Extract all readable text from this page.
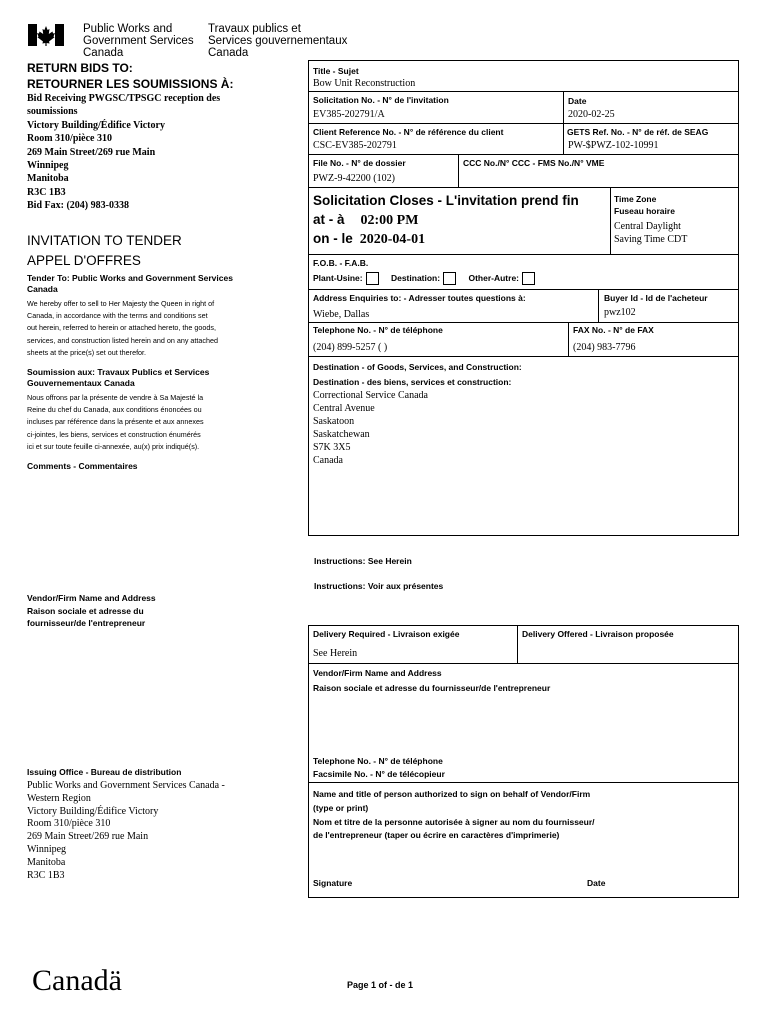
Public Works and
Government Services
Canada
Travaux publics et
Services gouvernementaux
Canada
RETURN BIDS TO:
RETOURNER LES SOUMISSIONS À:
Bid Receiving PWGSC/TPSGC reception des
soumissions
Victory Building/Édifice Victory
Room 310/pièce 310
269 Main Street/269 rue Main
Winnipeg
Manitoba
R3C 1B3
Bid Fax: (204) 983-0338
INVITATION TO TENDER
APPEL D'OFFRES
Tender To: Public Works and Government Services
Canada
We hereby offer to sell to Her Majesty the Queen in right of
Canada, in accordance with the terms and conditions set
out herein, referred to herein or attached hereto, the goods,
services, and construction listed herein and on any attached
sheets at the price(s) set out therefor.
Soumission aux: Travaux Publics et Services
Gouvernementaux Canada
Nous offrons par la présente de vendre à Sa Majesté la
Reine du chef du Canada, aux conditions énoncées ou
incluses par référence dans la présente et aux annexes
ci-jointes, les biens, services et construction énumérés
ici et sur toute feuille ci-annexée, au(x) prix indiqué(s).
Comments - Commentaires
Vendor/Firm Name and Address
Raison sociale et adresse du
fournisseur/de l'entrepreneur
Issuing Office - Bureau de distribution
Public Works and Government Services Canada -
Western Region
Victory Building/Édifice Victory
Room 310/pièce 310
269 Main Street/269 rue Main
Winnipeg
Manitoba
R3C 1B3
Title - Sujet
Bow Unit Reconstruction
Solicitation No. - N° de l'invitation
EV385-202791/A
Date
2020-02-25
Client Reference No. - N° de référence du client
CSC-EV385-202791
GETS Ref. No. - N° de réf. de SEAG
PW-$PWZ-102-10991
File No. - N° de dossier
PWZ-9-42200 (102)
CCC No./N° CCC - FMS No./N° VME
Solicitation Closes - L'invitation prend fin
at - à 02:00 PM
on - le 2020-04-01
Time Zone
Fuseau horaire
Central Daylight
Saving Time CDT
F.O.B. - F.A.B.
Plant-Usine:	Destination:	Other-Autre:
Address Enquiries to: - Adresser toutes questions à:
Wiebe, Dallas
Buyer Id - Id de l'acheteur
pwz102
Telephone No. - N° de téléphone
(204) 899-5257 ( )
FAX No. - N° de FAX
(204) 983-7796
Destination - of Goods, Services, and Construction:
Destination - des biens, services et construction:
Correctional Service Canada
Central Avenue
Saskatoon
Saskatchewan
S7K 3X5
Canada
Instructions: See Herein
Instructions: Voir aux présentes
Delivery Required - Livraison exigée
See Herein
Delivery Offered - Livraison proposée
Vendor/Firm Name and Address
Raison sociale et adresse du fournisseur/de l'entrepreneur
Telephone No. - N° de téléphone
Facsimile No. - N° de télécopieur
Name and title of person authorized to sign on behalf of Vendor/Firm
(type or print)
Nom et titre de la personne autorisée à signer au nom du fournisseur/
de l'entrepreneur (taper ou écrire en caractères d'imprimerie)
Signature	Date
Canadä	Page 1 of - de 1
